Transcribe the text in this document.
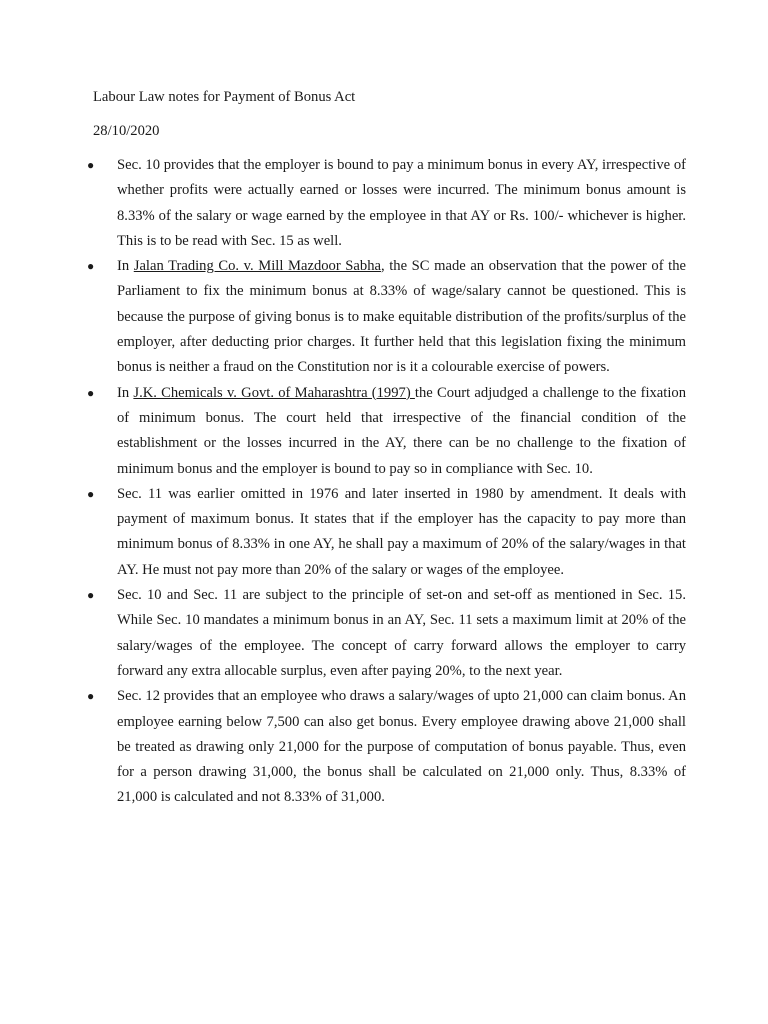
Labour Law notes for Payment of Bonus Act

28/10/2020
●	Sec. 10 provides that the employer is bound to pay a minimum bonus in every AY, irrespective of whether profits were actually earned or losses were incurred. The minimum bonus amount is 8.33% of the salary or wage earned by the employee in that AY or Rs. 100/- whichever is higher. This is to be read with Sec. 15 as well.
●	In Jalan Trading Co. v. Mill Mazdoor Sabha, the SC made an observation that the power of the Parliament to fix the minimum bonus at 8.33% of wage/salary cannot be questioned. This is because the purpose of giving bonus is to make equitable distribution of the profits/surplus of the employer, after deducting prior charges. It further held that this legislation fixing the minimum bonus is neither a fraud on the Constitution nor is it a colourable exercise of powers.
●	In J.K. Chemicals v. Govt. of Maharashtra (1997) the Court adjudged a challenge to the fixation of minimum bonus. The court held that irrespective of the financial condition of the establishment or the losses incurred in the AY, there can be no challenge to the fixation of minimum bonus and the employer is bound to pay so in compliance with Sec. 10.
●	Sec. 11 was earlier omitted in 1976 and later inserted in 1980 by amendment. It deals with payment of maximum bonus. It states that if the employer has the capacity to pay more than minimum bonus of 8.33% in one AY, he shall pay a maximum of 20% of the salary/wages in that AY. He must not pay more than 20% of the salary or wages of the employee.
●	Sec. 10 and Sec. 11 are subject to the principle of set-on and set-off as mentioned in Sec. 15. While Sec. 10 mandates a minimum bonus in an AY, Sec. 11 sets a maximum limit at 20% of the salary/wages of the employee. The concept of carry forward allows the employer to carry forward any extra allocable surplus, even after paying 20%, to the next year.
●	Sec. 12 provides that an employee who draws a salary/wages of upto 21,000 can claim bonus. An employee earning below 7,500 can also get bonus. Every employee drawing above 21,000 shall be treated as drawing only 21,000 for the purpose of computation of bonus payable. Thus, even for a person drawing 31,000, the bonus shall be calculated on 21,000 only. Thus, 8.33% of 21,000 is calculated and not 8.33% of 31,000.
